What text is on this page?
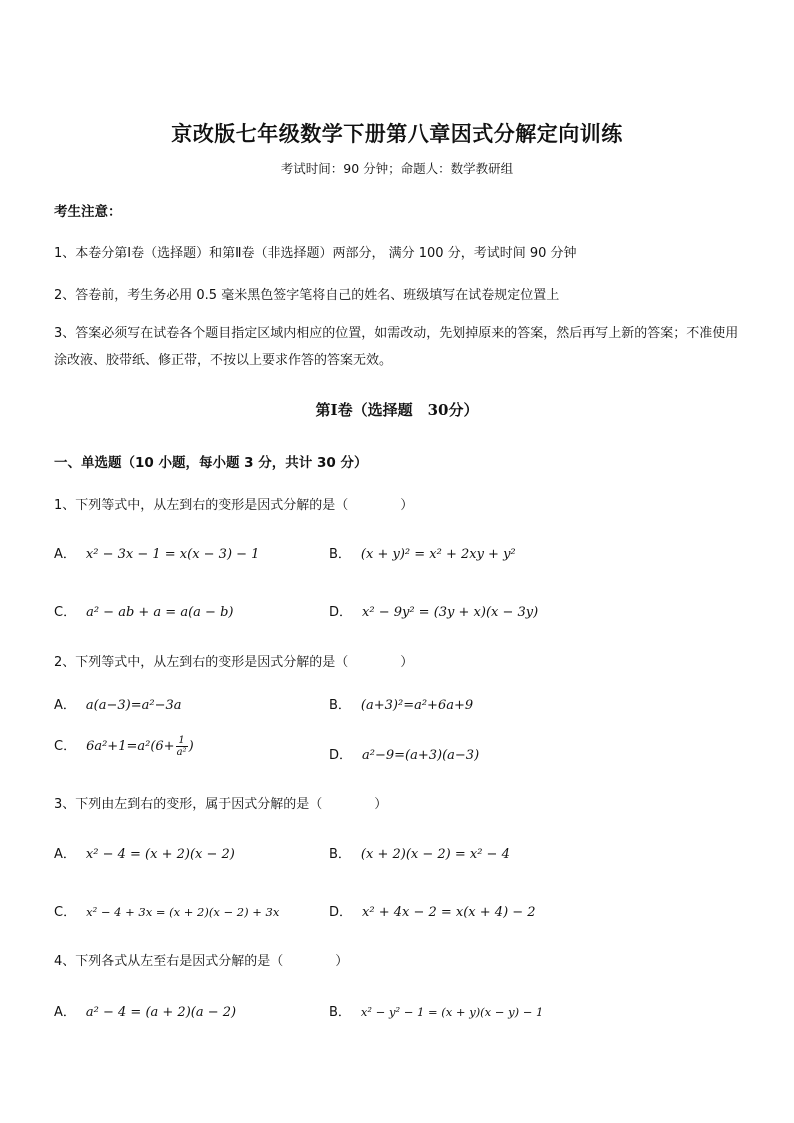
京改版七年级数学下册第八章因式分解定向训练
考试时间：90 分钟；命题人：数学教研组
考生注意：
1、本卷分第Ⅰ卷（选择题）和第Ⅱ卷（非选择题）两部分， 满分 100 分，考试时间 90 分钟
2、答卷前，考生务必用 0.5 毫米黑色签字笔将自己的姓名、班级填写在试卷规定位置上
3、答案必须写在试卷各个题目指定区域内相应的位置，如需改动，先划掉原来的答案，然后再写上新的答案；不准使用涂改液、胶带纸、修正带，不按以上要求作答的答案无效。
第Ⅰ卷（选择题　30分）
一、单选题（10 小题，每小题 3 分，共计 30 分）
1、下列等式中，从左到右的变形是因式分解的是（　　　　）
A． x² − 3x − 1 = x(x − 3) − 1	B． (x + y)² = x² + 2xy + y²
C． a² − ab + a = a(a − b)	D． x² − 9y² = (3y + x)(x − 3y)
2、下列等式中，从左到右的变形是因式分解的是（　　　　）
A． a(a−3)=a²−3a	B． (a+3)²=a²+6a+9
C． $6a^2+1=a^2(6+ \frac{1}{\text{a²}}$ )
D． a²−9=(a+3)(a−3)
3、下列由左到右的变形，属于因式分解的是（　　　　）
A． x² − 4 = (x + 2)(x − 2)	B． (x + 2)(x − 2) = x² − 4
C． x² − 4 + 3x = (x + 2)(x − 2) + 3x	D． x² + 4x − 2 = x(x + 4) − 2
4、下列各式从左至右是因式分解的是（　　　　）
A． a² − 4 = (a + 2)(a − 2)	B． x² − y² − 1 = (x + y)(x − y) − 1
